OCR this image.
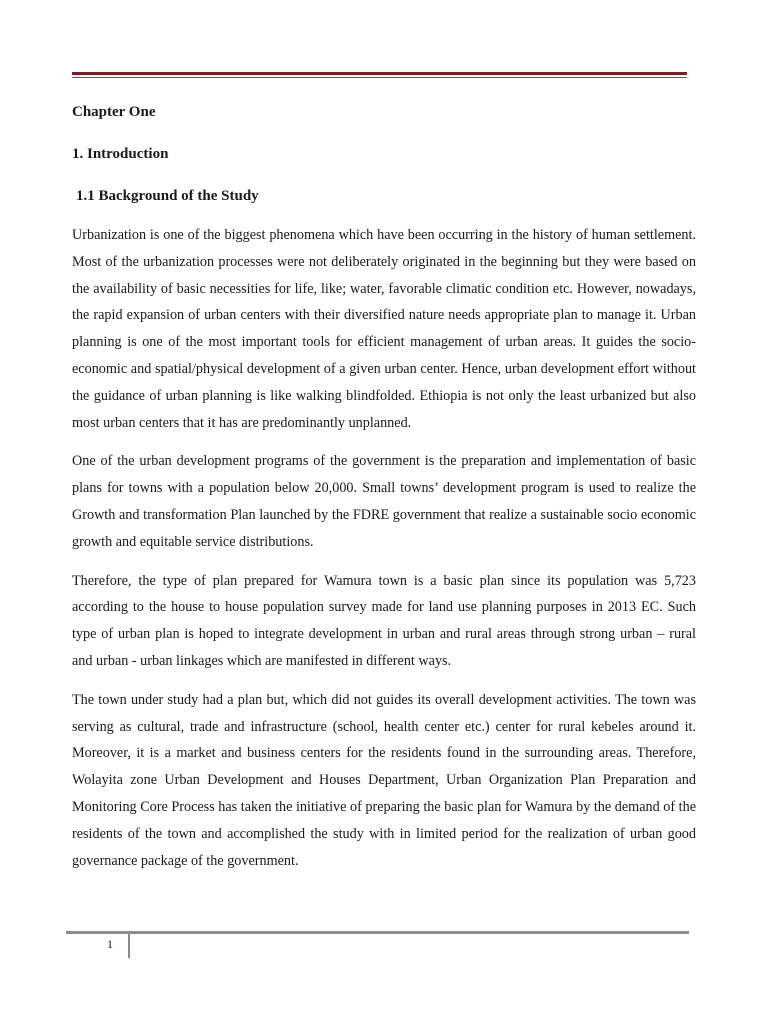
Chapter One
1. Introduction
1.1 Background of the Study

Urbanization is one of the biggest phenomena which have been occurring in the history of human settlement. Most of the urbanization processes were not deliberately originated in the beginning but they were based on the availability of basic necessities for life, like; water, favorable climatic condition etc. However, nowadays, the rapid expansion of urban centers with their diversified nature needs appropriate plan to manage it. Urban planning is one of the most important tools for efficient management of urban areas. It guides the socio- economic and spatial/physical development of a given urban center. Hence, urban development effort without the guidance of urban planning is like walking blindfolded. Ethiopia is not only the least urbanized but also most urban centers that it has are predominantly unplanned.

One of the urban development programs of the government is the preparation and implementation of basic plans for towns with a population below 20,000. Small towns’ development program is used to realize the Growth and transformation Plan launched by the FDRE government that realize a sustainable socio economic growth and equitable service distributions.

Therefore, the type of plan prepared for Wamura town is a basic plan since its population was 5,723 according to the house to house population survey made for land use planning purposes in 2013 EC. Such type of urban plan is hoped to integrate development in urban and rural areas through strong urban – rural and urban - urban linkages which are manifested in different ways.

The town under study had a plan but, which did not guides its overall development activities. The town was serving as cultural, trade and infrastructure (school, health center etc.) center for rural kebeles around it. Moreover, it is a market and business centers for the residents found in the surrounding areas. Therefore, Wolayita zone Urban Development and Houses Department, Urban Organization Plan Preparation and Monitoring Core Process has taken the initiative of preparing the basic plan for Wamura by the demand of the residents of the town and accomplished the study with in limited period for the realization of urban good governance package of the government.

1
